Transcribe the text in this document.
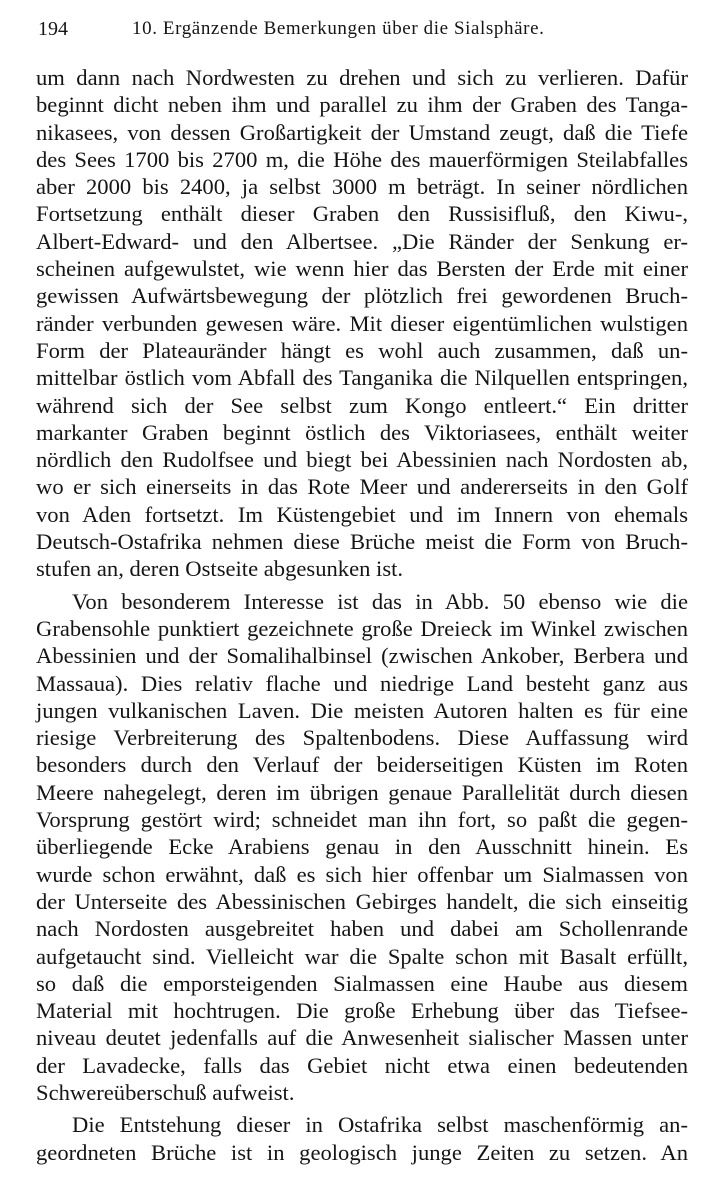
194	10. Ergänzende Bemerkungen über die Sialsphäre.
um dann nach Nordwesten zu drehen und sich zu verlieren. Dafür
beginnt dicht neben ihm und parallel zu ihm der Graben des Tanga-
nikasees, von dessen Großartigkeit der Umstand zeugt, daß die Tiefe
des Sees 1700 bis 2700 m, die Höhe des mauerförmigen Steilabfalles
aber 2000 bis 2400, ja selbst 3000 m beträgt. In seiner nördlichen
Fortsetzung enthält dieser Graben den Russisifluß, den Kiwu-,
Albert-Edward- und den Albertsee. „Die Ränder der Senkung er-
scheinen aufgewulstet, wie wenn hier das Bersten der Erde mit einer
gewissen Aufwärtsbewegung der plötzlich frei gewordenen Bruch-
ränder verbunden gewesen wäre. Mit dieser eigentümlichen wulstigen
Form der Plateauränder hängt es wohl auch zusammen, daß un-
mittelbar östlich vom Abfall des Tanganika die Nilquellen entspringen,
während sich der See selbst zum Kongo entleert.“ Ein dritter
markanter Graben beginnt östlich des Viktoriasees, enthält weiter
nördlich den Rudolfsee und biegt bei Abessinien nach Nordosten ab,
wo er sich einerseits in das Rote Meer und andererseits in den Golf
von Aden fortsetzt. Im Küstengebiet und im Innern von ehemals
Deutsch-Ostafrika nehmen diese Brüche meist die Form von Bruch-
stufen an, deren Ostseite abgesunken ist.
Von besonderem Interesse ist das in Abb. 50 ebenso wie die
Grabensohle punktiert gezeichnete große Dreieck im Winkel zwischen
Abessinien und der Somalihalbinsel (zwischen Ankober, Berbera und
Massaua). Dies relativ flache und niedrige Land besteht ganz aus
jungen vulkanischen Laven. Die meisten Autoren halten es für eine
riesige Verbreiterung des Spaltenbodens. Diese Auffassung wird
besonders durch den Verlauf der beiderseitigen Küsten im Roten
Meere nahegelegt, deren im übrigen genaue Parallelität durch diesen
Vorsprung gestört wird; schneidet man ihn fort, so paßt die gegen-
überliegende Ecke Arabiens genau in den Ausschnitt hinein. Es
wurde schon erwähnt, daß es sich hier offenbar um Sialmassen von
der Unterseite des Abessinischen Gebirges handelt, die sich einseitig
nach Nordosten ausgebreitet haben und dabei am Schollenrande
aufgetaucht sind. Vielleicht war die Spalte schon mit Basalt erfüllt,
so daß die emporsteigenden Sialmassen eine Haube aus diesem
Material mit hochtrugen. Die große Erhebung über das Tiefsee-
niveau deutet jedenfalls auf die Anwesenheit sialischer Massen unter
der Lavadecke, falls das Gebiet nicht etwa einen bedeutenden
Schwereüberschuß aufweist.
Die Entstehung dieser in Ostafrika selbst maschenförmig an-
geordneten Brüche ist in geologisch junge Zeiten zu setzen. An
